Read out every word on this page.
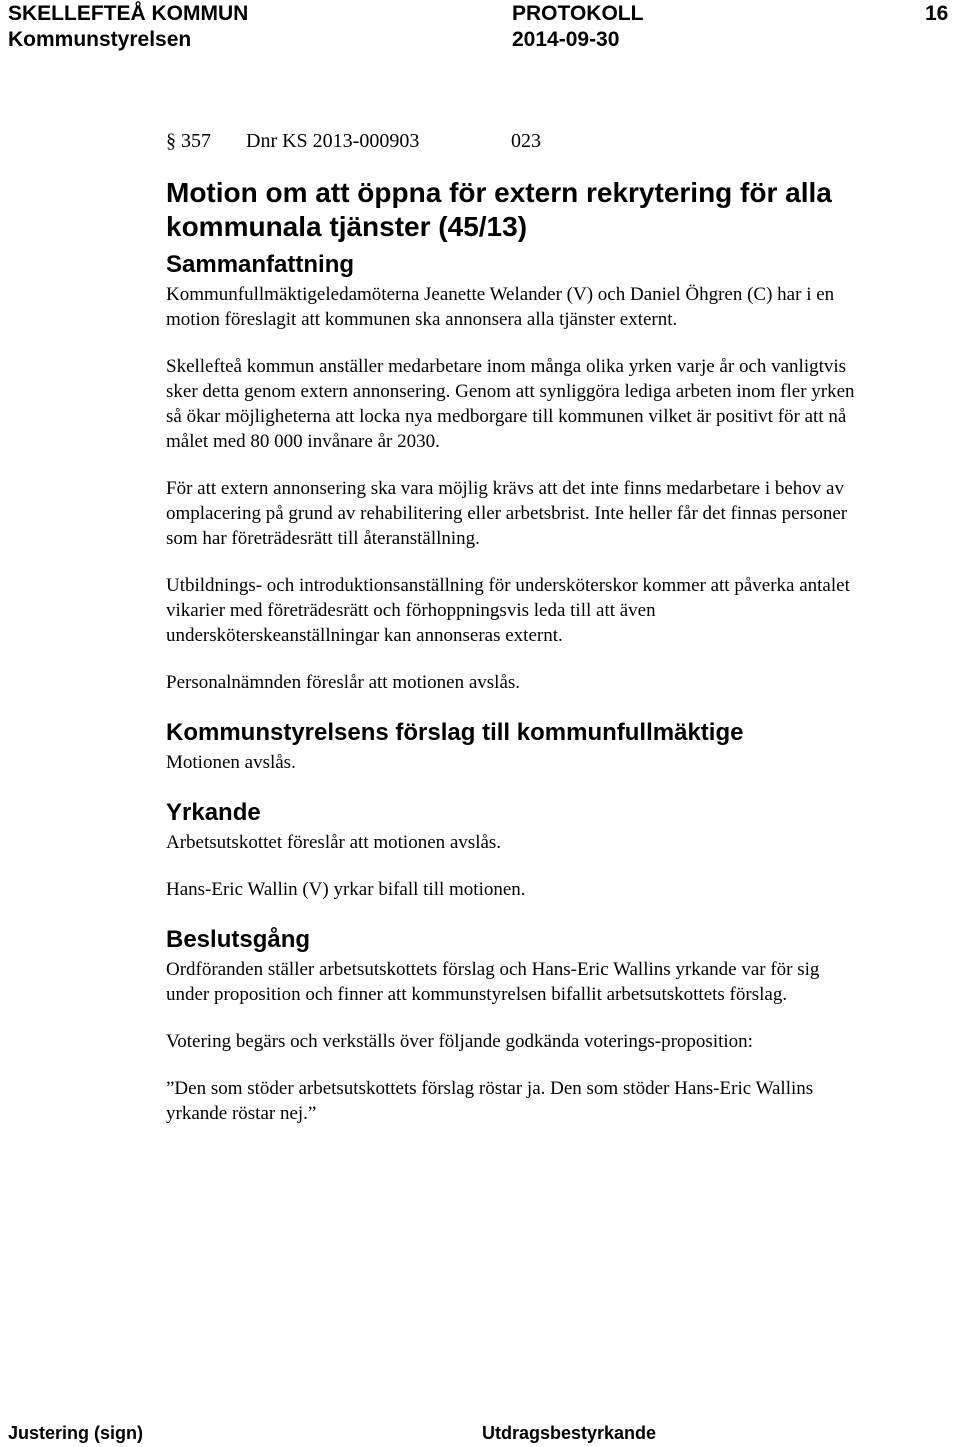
SKELLEFTEÅ KOMMUN	PROTOKOLL	16
Kommunstyrelsen	2014-09-30
§ 357	Dnr KS 2013-000903	023
Motion om att öppna för extern rekrytering för alla kommunala tjänster (45/13)
Sammanfattning

Kommunfullmäktigeledamöterna Jeanette Welander (V) och Daniel Öhgren (C) har i en motion föreslagit att kommunen ska annonsera alla tjänster externt.

Skellefteå kommun anställer medarbetare inom många olika yrken varje år och vanligtvis sker detta genom extern annonsering. Genom att synliggöra lediga arbeten inom fler yrken så ökar möjligheterna att locka nya medborgare till kommunen vilket är positivt för att nå målet med 80 000 invånare år 2030.

För att extern annonsering ska vara möjlig krävs att det inte finns medarbetare i behov av omplacering på grund av rehabilitering eller arbetsbrist. Inte heller får det finnas personer som har företrädesrätt till återanställning.

Utbildnings- och introduktionsanställning för undersköterskor kommer att påverka antalet vikarier med företrädesrätt och förhoppningsvis leda till att även undersköterskeanställningar kan annonseras externt.

Personalnämnden föreslår att motionen avslås.

Kommunstyrelsens förslag till kommunfullmäktige

Motionen avslås.

Yrkande

Arbetsutskottet föreslår att motionen avslås.

Hans-Eric Wallin (V) yrkar bifall till motionen.

Beslutsgång

Ordföranden ställer arbetsutskottets förslag och Hans-Eric Wallins yrkande var för sig under proposition och finner att kommunstyrelsen bifallit arbetsutskottets förslag.

Votering begärs och verkställs över följande godkända voterings-proposition:

”Den som stöder arbetsutskottets förslag röstar ja. Den som stöder Hans-Eric Wallins yrkande röstar nej.”

Justering (sign)	Utdragsbestyrkande
